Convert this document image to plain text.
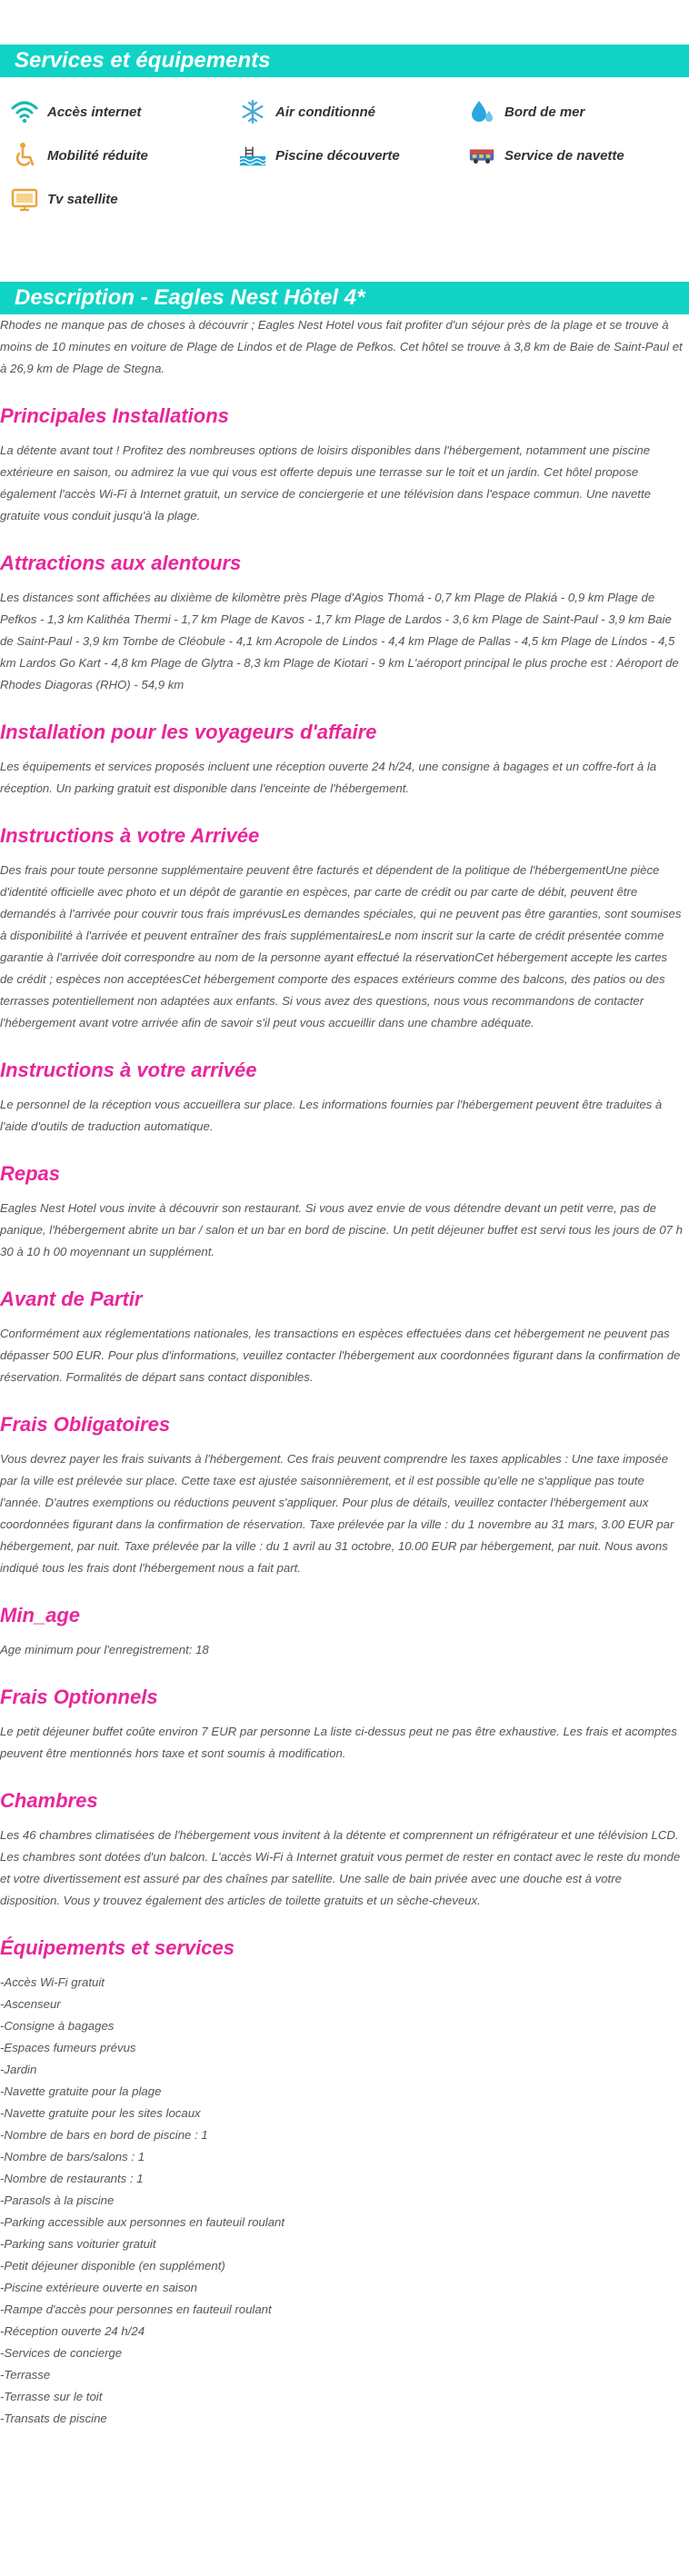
Services et équipements
Accès internet	Air conditionné	Bord de mer
Mobilité réduite	Piscine découverte	Service de navette
Tv satellite
Description - Eagles Nest Hôtel 4*

Rhodes ne manque pas de choses à découvrir ; Eagles Nest Hotel vous fait profiter d'un séjour près de la plage et se trouve à moins de 10 minutes en voiture de Plage de Lindos et de Plage de Pefkos. Cet hôtel se trouve à 3,8 km de Baie de Saint-Paul et à 26,9 km de Plage de Stegna.

Principales Installations

La détente avant tout ! Profitez des nombreuses options de loisirs disponibles dans l'hébergement, notamment une piscine extérieure en saison, ou admirez la vue qui vous est offerte depuis une terrasse sur le toit et un jardin. Cet hôtel propose également l'accès Wi-Fi à Internet gratuit, un service de conciergerie et une télévision dans l'espace commun. Une navette gratuite vous conduit jusqu'à la plage.

Attractions aux alentours

Les distances sont affichées au dixième de kilomètre près Plage d'Agios Thomá - 0,7 km Plage de Plakiá - 0,9 km Plage de Pefkos - 1,3 km Kalithéa Thermi - 1,7 km Plage de Kavos - 1,7 km Plage de Lardos - 3,6 km Plage de Saint-Paul - 3,9 km Baie de Saint-Paul - 3,9 km Tombe de Cléobule - 4,1 km Acropole de Lindos - 4,4 km Plage de Pallas - 4,5 km Plage de Líndos - 4,5 km Lardos Go Kart - 4,8 km Plage de Glytra - 8,3 km Plage de Kiotari - 9 km L'aéroport principal le plus proche est : Aéroport de Rhodes Diagoras (RHO) - 54,9 km

Installation pour les voyageurs d'affaire

Les équipements et services proposés incluent une réception ouverte 24 h/24, une consigne à bagages et un coffre-fort à la réception. Un parking gratuit est disponible dans l'enceinte de l'hébergement.

Instructions à votre Arrivée

Des frais pour toute personne supplémentaire peuvent être facturés et dépendent de la politique de l'hébergementUne pièce d'identité officielle avec photo et un dépôt de garantie en espèces, par carte de crédit ou par carte de débit, peuvent être demandés à l'arrivée pour couvrir tous frais imprévusLes demandes spéciales, qui ne peuvent pas être garanties, sont soumises à disponibilité à l'arrivée et peuvent entraîner des frais supplémentairesLe nom inscrit sur la carte de crédit présentée comme garantie à l'arrivée doit correspondre au nom de la personne ayant effectué la réservationCet hébergement accepte les cartes de crédit ; espèces non acceptéesCet hébergement comporte des espaces extérieurs comme des balcons, des patios ou des terrasses potentiellement non adaptées aux enfants. Si vous avez des questions, nous vous recommandons de contacter l'hébergement avant votre arrivée afin de savoir s'il peut vous accueillir dans une chambre adéquate.

Instructions à votre arrivée

Le personnel de la réception vous accueillera sur place. Les informations fournies par l'hébergement peuvent être traduites à l'aide d'outils de traduction automatique.

Repas

Eagles Nest Hotel vous invite à découvrir son restaurant. Si vous avez envie de vous détendre devant un petit verre, pas de panique, l'hébergement abrite un bar / salon et un bar en bord de piscine. Un petit déjeuner buffet est servi tous les jours de 07 h 30 à 10 h 00 moyennant un supplément.

Avant de Partir

Conformément aux réglementations nationales, les transactions en espèces effectuées dans cet hébergement ne peuvent pas dépasser 500 EUR. Pour plus d'informations, veuillez contacter l'hébergement aux coordonnées figurant dans la confirmation de réservation. Formalités de départ sans contact disponibles.

Frais Obligatoires

Vous devrez payer les frais suivants à l'hébergement. Ces frais peuvent comprendre les taxes applicables : Une taxe imposée par la ville est prélevée sur place. Cette taxe est ajustée saisonnièrement, et il est possible qu'elle ne s'applique pas toute l'année. D'autres exemptions ou réductions peuvent s'appliquer. Pour plus de détails, veuillez contacter l'hébergement aux coordonnées figurant dans la confirmation de réservation. Taxe prélevée par la ville : du 1 novembre au 31 mars, 3.00 EUR par hébergement, par nuit. Taxe prélevée par la ville : du 1 avril au 31 octobre, 10.00 EUR par hébergement, par nuit. Nous avons indiqué tous les frais dont l'hébergement nous a fait part.

Min_age

Age minimum pour l'enregistrement: 18

Frais Optionnels

Le petit déjeuner buffet coûte environ 7 EUR par personne La liste ci-dessus peut ne pas être exhaustive. Les frais et acomptes peuvent être mentionnés hors taxe et sont soumis à modification.

Chambres

Les 46 chambres climatisées de l'hébergement vous invitent à la détente et comprennent un réfrigérateur et une télévision LCD. Les chambres sont dotées d'un balcon. L'accès Wi-Fi à Internet gratuit vous permet de rester en contact avec le reste du monde et votre divertissement est assuré par des chaînes par satellite. Une salle de bain privée avec une douche est à votre disposition. Vous y trouvez également des articles de toilette gratuits et un sèche-cheveux.

Équipements et services
-Accès Wi-Fi gratuit
-Ascenseur
-Consigne à bagages
-Espaces fumeurs prévus
-Jardin
-Navette gratuite pour la plage
-Navette gratuite pour les sites locaux
-Nombre de bars en bord de piscine : 1
-Nombre de bars/salons : 1
-Nombre de restaurants : 1
-Parasols à la piscine
-Parking accessible aux personnes en fauteuil roulant
-Parking sans voiturier gratuit
-Petit déjeuner disponible (en supplément)
-Piscine extérieure ouverte en saison
-Rampe d'accès pour personnes en fauteuil roulant
-Réception ouverte 24 h/24
-Services de concierge
-Terrasse
-Terrasse sur le toit
-Transats de piscine
